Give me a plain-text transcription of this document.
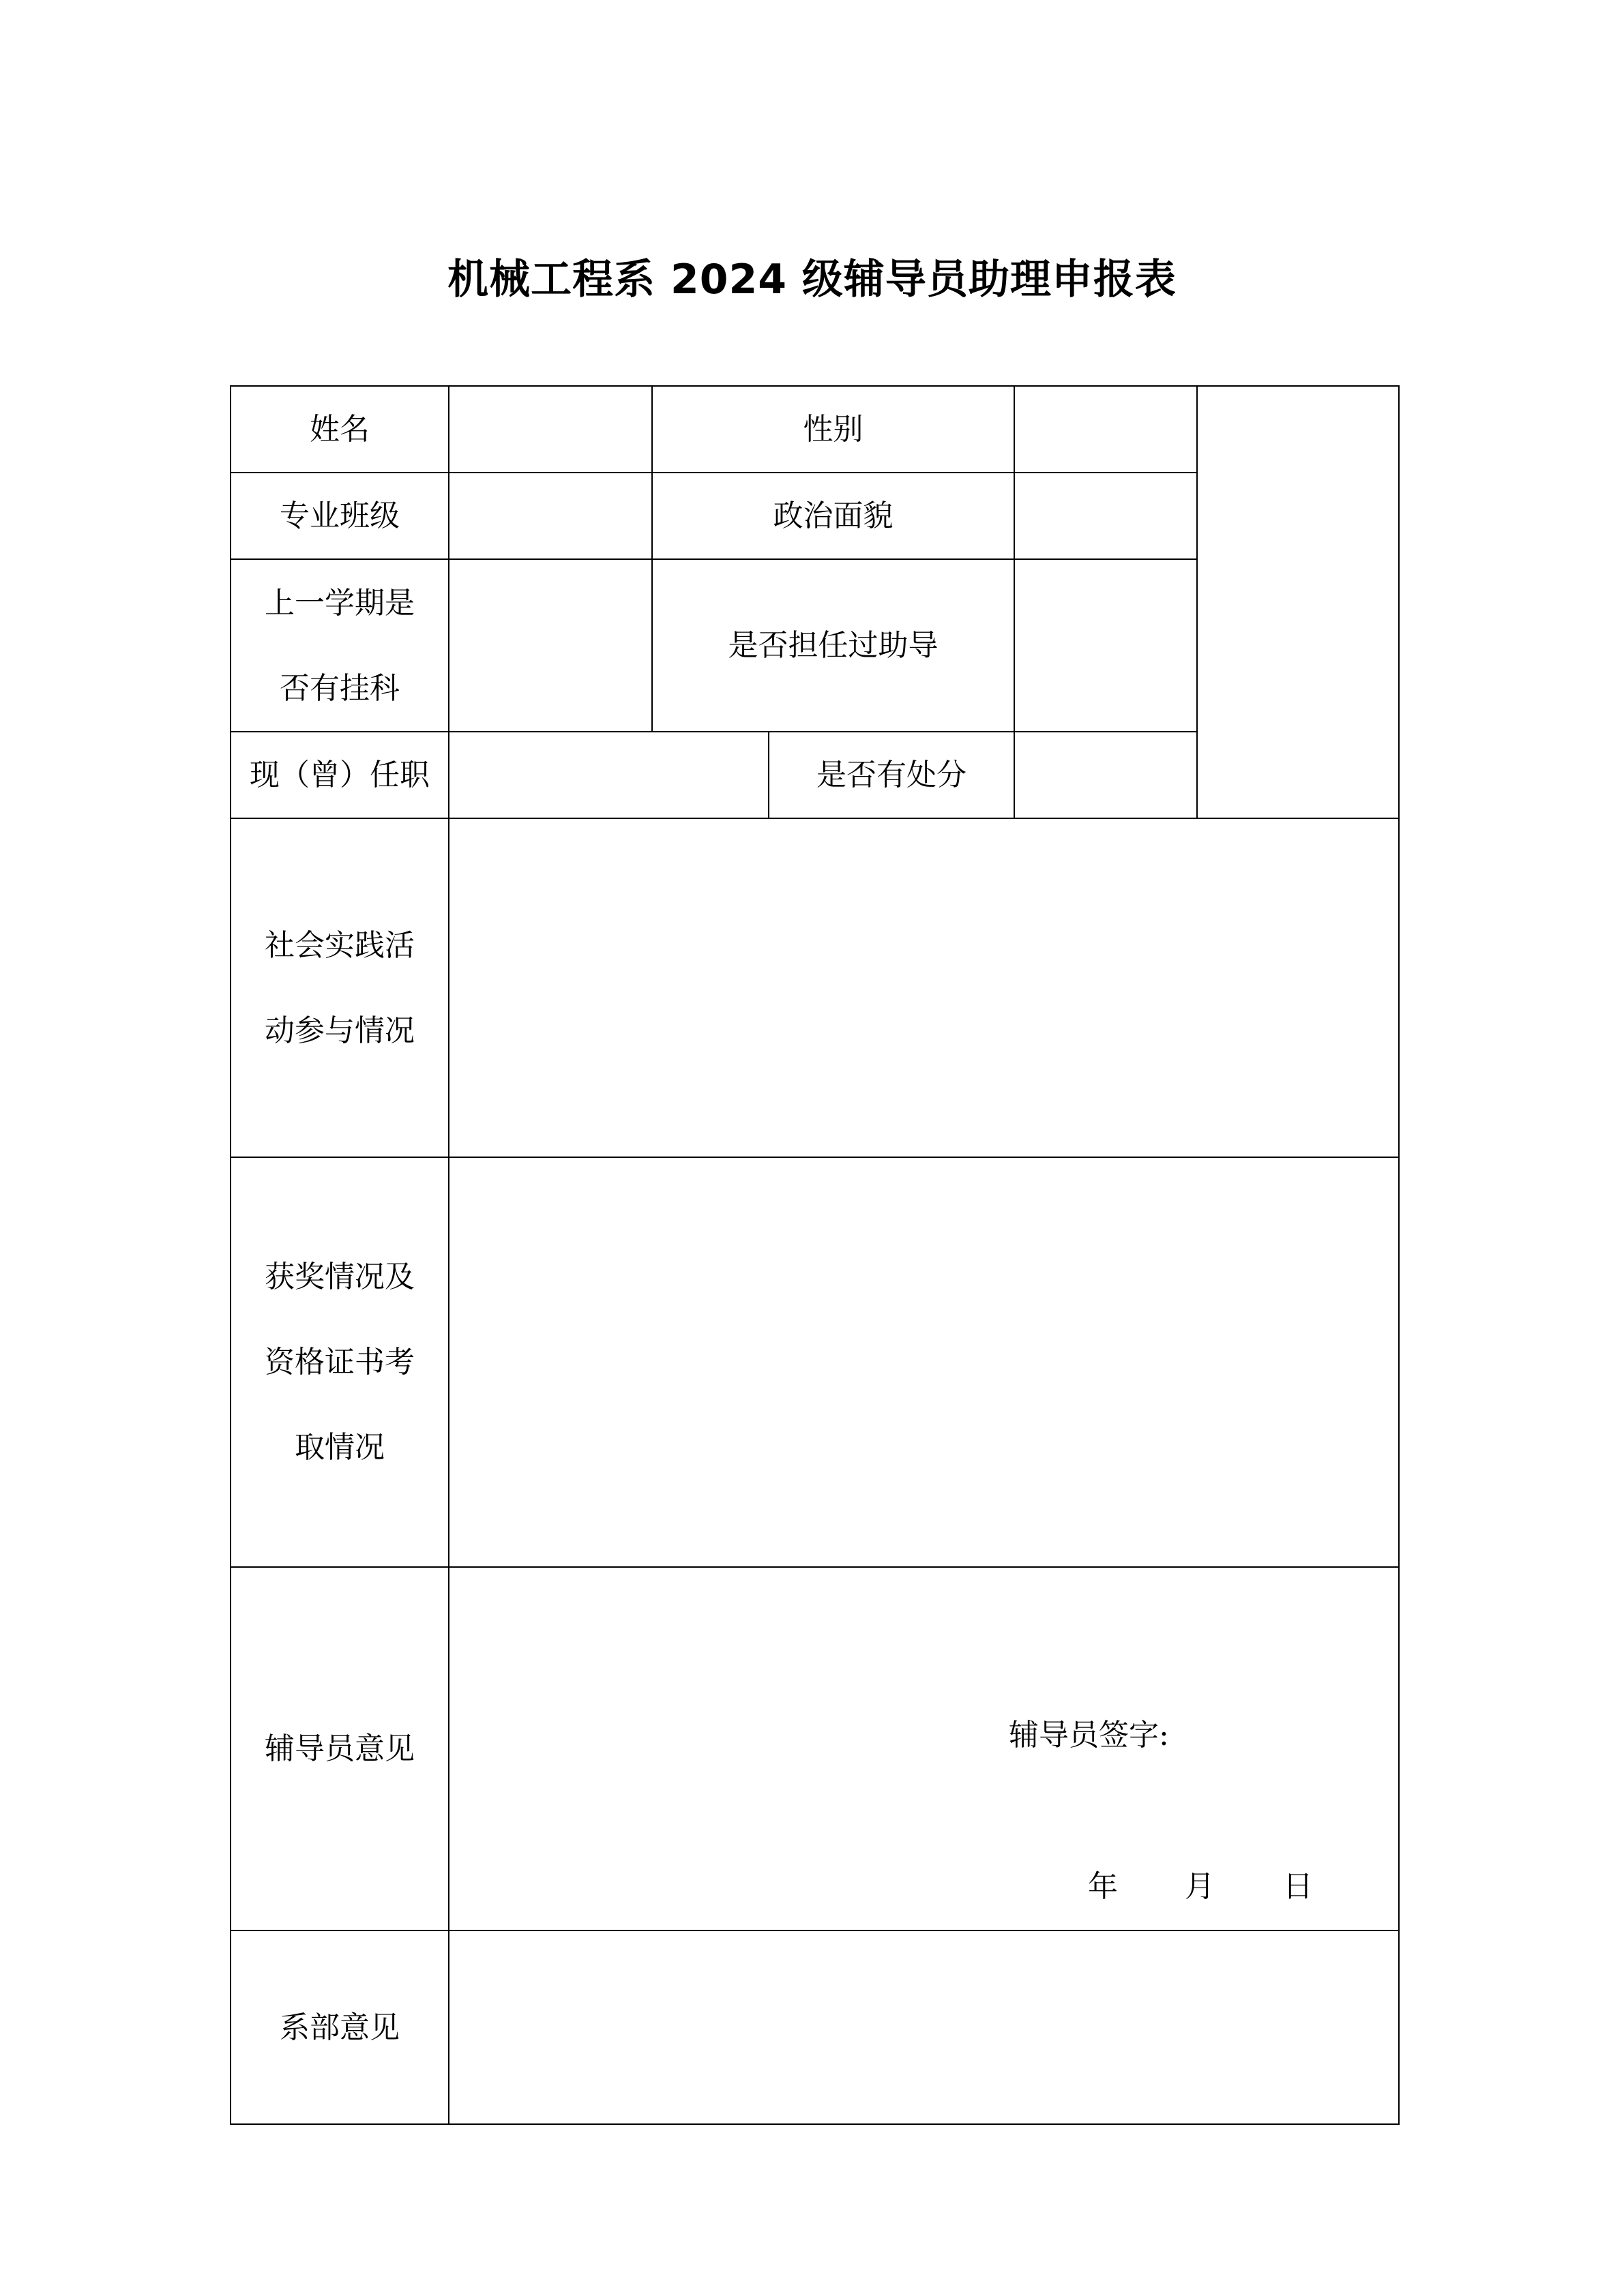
机械工程系 2024 级辅导员助理申报表
姓名		性别			

专业班级		政治面貌			

上一学期是
否有挂科		是否担任过助导			

现（曾）任职			是否有处分		

社会实践活
动参与情况					

获奖情况及
资格证书考
取情况					

辅导员意见	辅导员签字:
年 月 日				

系部意见					
